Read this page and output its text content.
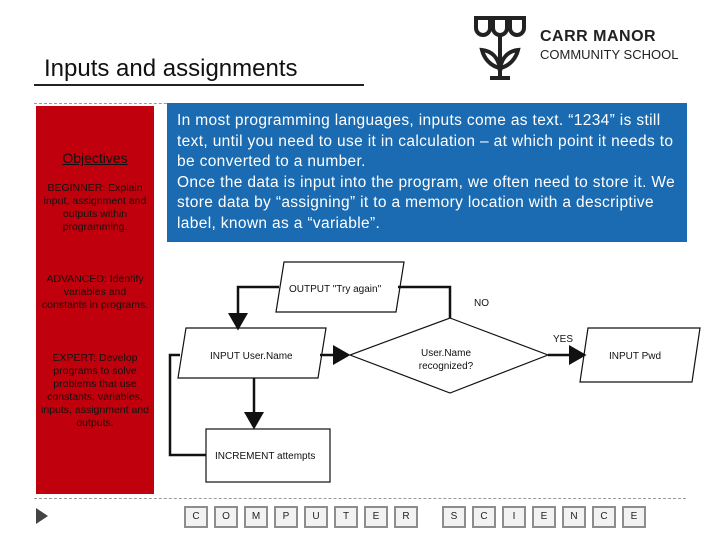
Inputs and assignments
CARR MANOR
COMMUNITY SCHOOL
Objectives
BEGINNER: Explain input, assignment and outputs within programming.
ADVANCED: Identify variables and constants in programs.
EXPERT: Develop programs to solve problems that use constants, variables, inputs, assignment and outputs.

In most programming languages, inputs come as text. “1234” is still text, until you need to use it in calculation – at which point it needs to be converted to a number.

Once the data is input into the program, we often need to store it. We store data by “assigning” it to a memory location with a descriptive label, known as a “variable”.

OUTPUT "Try again"
NO
YES
INPUT User.Name	User.Name recognized?
INPUT Pwd
INCREMENT attempts
C	O	M	P	U	T	E	R	S	C	I	E	N	C	E
